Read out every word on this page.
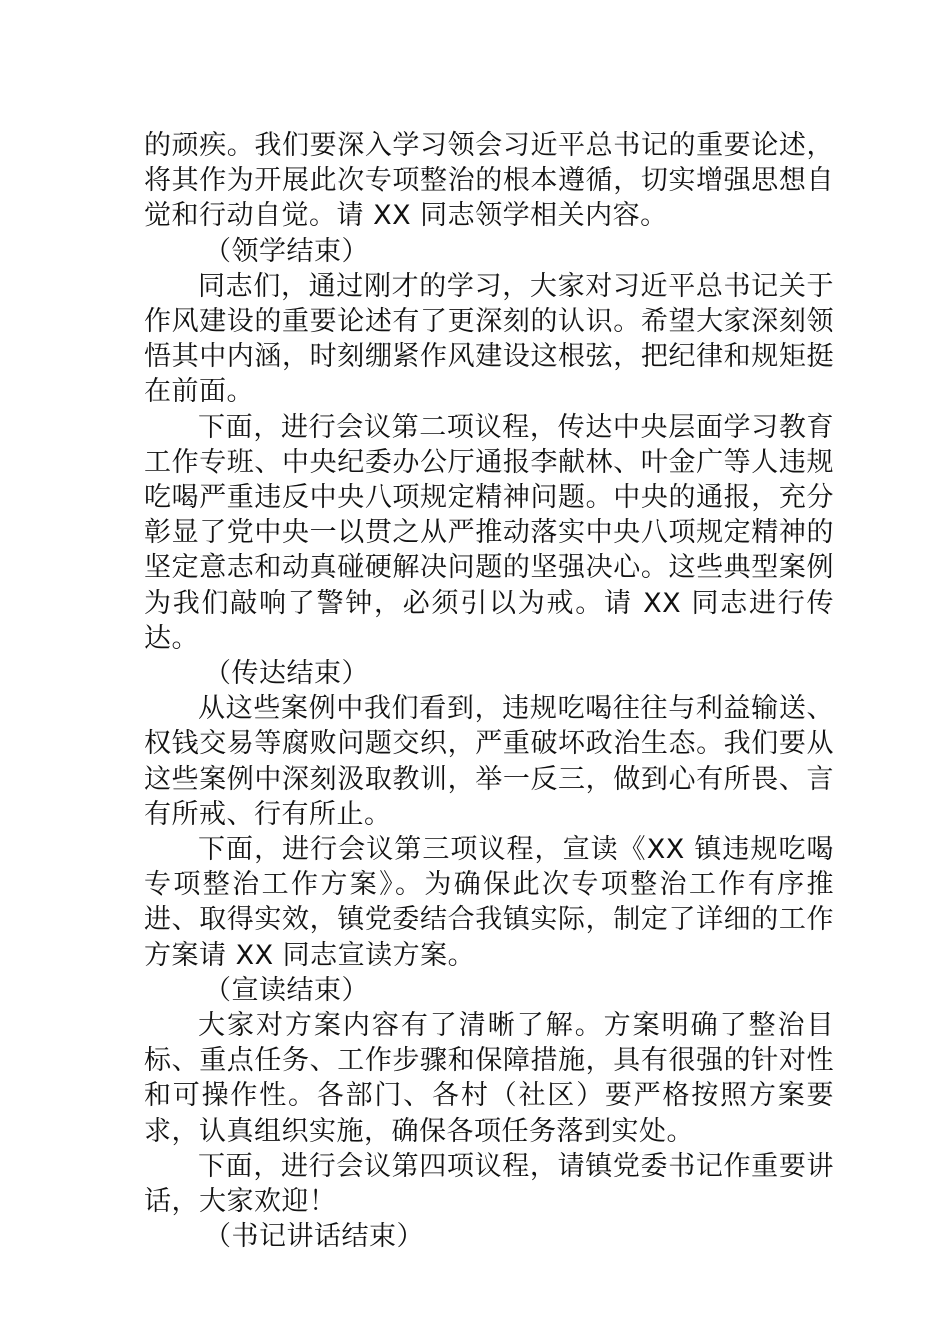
的顽疾。我们要深入学习领会习近平总书记的重要论述，将其作为开展此次专项整治的根本遵循，切实增强思想自觉和行动自觉。请 XX 同志领学相关内容。

（领学结束）

同志们，通过刚才的学习，大家对习近平总书记关于作风建设的重要论述有了更深刻的认识。希望大家深刻领悟其中内涵，时刻绷紧作风建设这根弦，把纪律和规矩挺在前面。

下面，进行会议第二项议程，传达中央层面学习教育工作专班、中央纪委办公厅通报李献林、叶金广等人违规吃喝严重违反中央八项规定精神问题。中央的通报，充分彰显了党中央一以贯之从严推动落实中央八项规定精神的坚定意志和动真碰硬解决问题的坚强决心。这些典型案例为我们敲响了警钟，必须引以为戒。请 XX 同志进行传达。

（传达结束）

从这些案例中我们看到，违规吃喝往往与利益输送、权钱交易等腐败问题交织，严重破坏政治生态。我们要从这些案例中深刻汲取教训，举一反三，做到心有所畏、言有所戒、行有所止。

下面，进行会议第三项议程，宣读《XX 镇违规吃喝专项整治工作方案》。为确保此次专项整治工作有序推进、取得实效，镇党委结合我镇实际，制定了详细的工作方案请 XX 同志宣读方案。

（宣读结束）

大家对方案内容有了清晰了解。方案明确了整治目标、重点任务、工作步骤和保障措施，具有很强的针对性和可操作性。各部门、各村（社区）要严格按照方案要求，认真组织实施，确保各项任务落到实处。

下面，进行会议第四项议程，请镇党委书记作重要讲话，大家欢迎！

（书记讲话结束）
